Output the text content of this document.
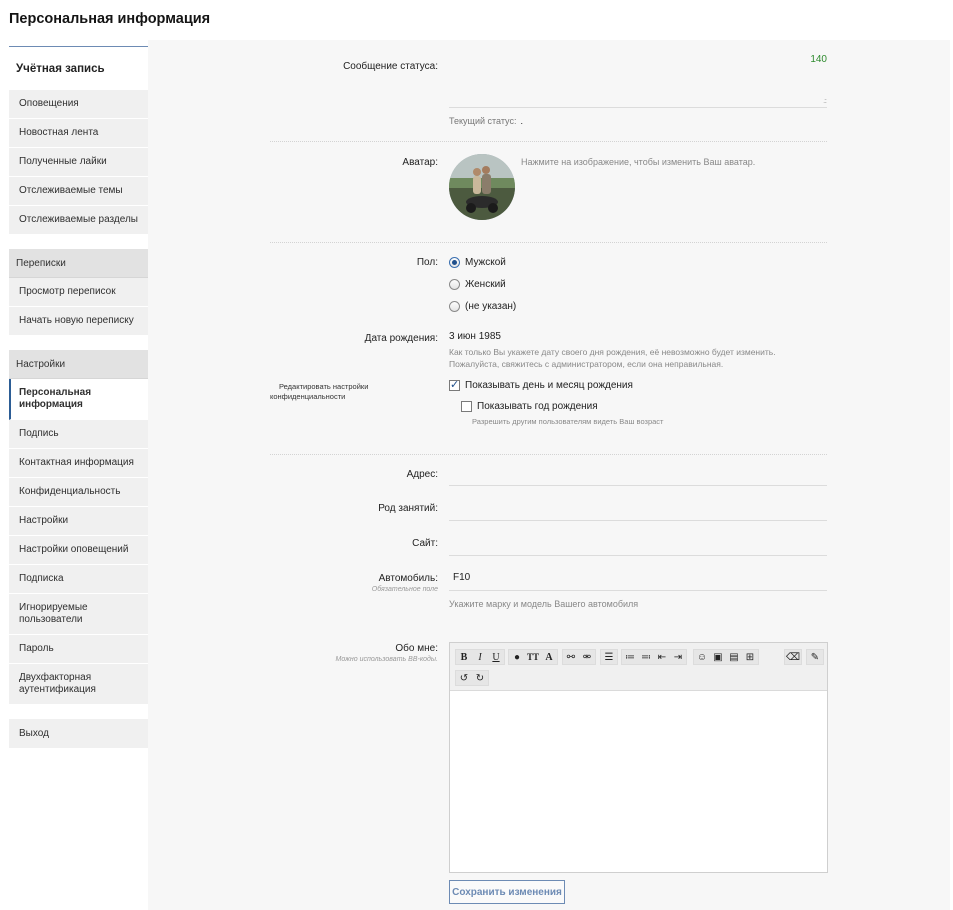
Персональная информация
Учётная запись
Оповещения
Новостная лента
Полученные лайки
Отслеживаемые темы
Отслеживаемые разделы
Переписки
Просмотр переписок
Начать новую переписку
Настройки
Персональная информация
Подпись
Контактная информация
Конфиденциальность
Настройки
Настройки оповещений
Подписка
Игнорируемые пользователи
Пароль
Двухфакторная аутентификация
Выход
Сообщение статуса:
140
.::
Текущий статус: .
Аватар:	Нажмите на изображение, чтобы изменить Ваш аватар.
Пол:	Мужской
Женский
(не указан)
Дата рождения: 3 июн 1985
Как только Вы укажете дату своего дня рождения, её невозможно будет изменить.
Пожалуйста, свяжитесь с администратором, если она неправильная.
Редактировать настройки
конфиденциальности
✓
Показывать день и месяц рождения
Показывать год рождения
Разрешить другим пользователям видеть Ваш возраст
Адрес:
Род занятий:
Сайт:
Автомобиль:
Обязательное поле
F10
Укажите марку и модель Вашего автомобиля
Обо мне:
Можно использовать BB-коды.	B	I	U	● TT A	⚯ ⚮	☰	≔ ≕ ⇤ ⇥	☺ ▣ ▤ ⊞	⌫	✎
↺ ↻
Сохранить изменения
